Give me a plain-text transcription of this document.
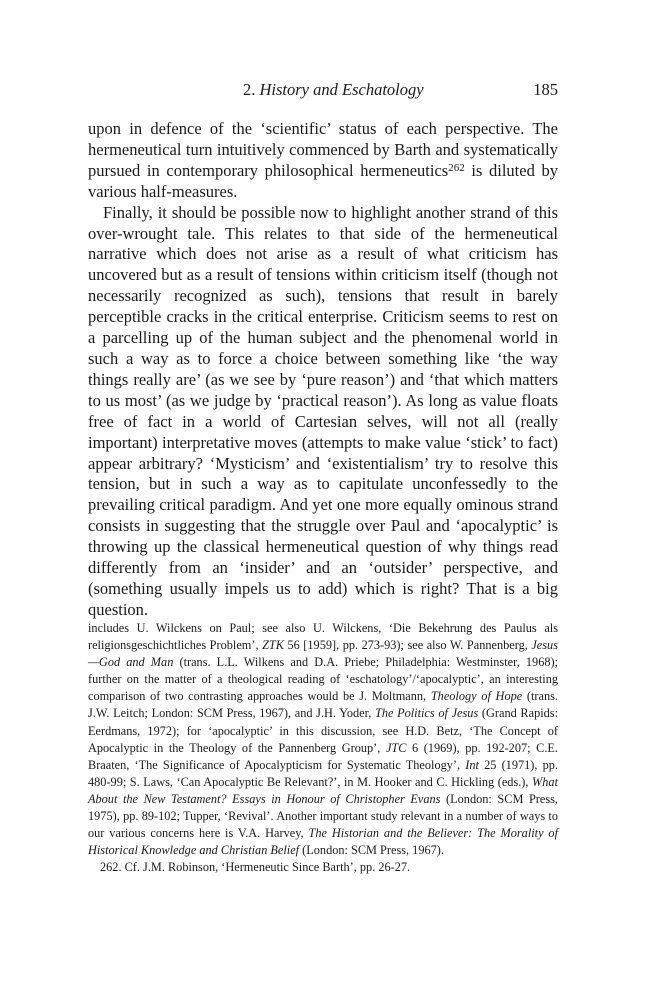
2. History and Eschatology	185

upon in defence of the ‘scientific’ status of each perspective. The hermeneutical turn intuitively commenced by Barth and systematically pursued in contemporary philosophical hermeneutics$^{262}$ is diluted by various half-measures.

Finally, it should be possible now to highlight another strand of this over-wrought tale. This relates to that side of the hermeneutical narrative which does not arise as a result of what criticism has uncovered but as a result of tensions within criticism itself (though not necessarily recognized as such), tensions that result in barely perceptible cracks in the critical enterprise. Criticism seems to rest on a parcelling up of the human subject and the phenomenal world in such a way as to force a choice between something like ‘the way things really are’ (as we see by ‘pure reason’) and ‘that which matters to us most’ (as we judge by ‘practical reason’). As long as value floats free of fact in a world of Cartesian selves, will not all (really important) interpretative moves (attempts to make value ‘stick’ to fact) appear arbitrary? ‘Mysticism’ and ‘existentialism’ try to resolve this tension, but in such a way as to capitulate unconfessedly to the prevailing critical paradigm. And yet one more equally ominous strand consists in suggesting that the struggle over Paul and ‘apocalyptic’ is throwing up the classical hermeneutical question of why things read differently from an ‘insider’ and an ‘outsider’ perspective, and (something usually impels us to add) which is right? That is a big question.

includes U. Wilckens on Paul; see also U. Wilckens, ‘Die Bekehrung des Paulus als religionsgeschichtliches Problem’, ZTK 56 [1959], pp. 273-93); see also W. Pannenberg, Jesus—God and Man (trans. L.L. Wilkens and D.A. Priebe; Philadelphia: Westminster, 1968); further on the matter of a theological reading of ‘eschatology’/‘apocalyptic’, an interesting comparison of two contrasting approaches would be J. Moltmann, Theology of Hope (trans. J.W. Leitch; London: SCM Press, 1967), and J.H. Yoder, The Politics of Jesus (Grand Rapids: Eerdmans, 1972); for ‘apocalyptic’ in this discussion, see H.D. Betz, ‘The Concept of Apocalyptic in the Theology of the Pannenberg Group’, JTC 6 (1969), pp. 192-207; C.E. Braaten, ‘The Significance of Apocalypticism for Systematic Theology’, Int 25 (1971), pp. 480-99; S. Laws, ‘Can Apocalyptic Be Relevant?’, in M. Hooker and C. Hickling (eds.), What About the New Testament? Essays in Honour of Christopher Evans (London: SCM Press, 1975), pp. 89-102; Tupper, ‘Revival’. Another important study relevant in a number of ways to our various concerns here is V.A. Harvey, The Historian and the Believer: The Morality of Historical Knowledge and Christian Belief (London: SCM Press, 1967).

262. Cf. J.M. Robinson, ‘Hermeneutic Since Barth’, pp. 26-27.
